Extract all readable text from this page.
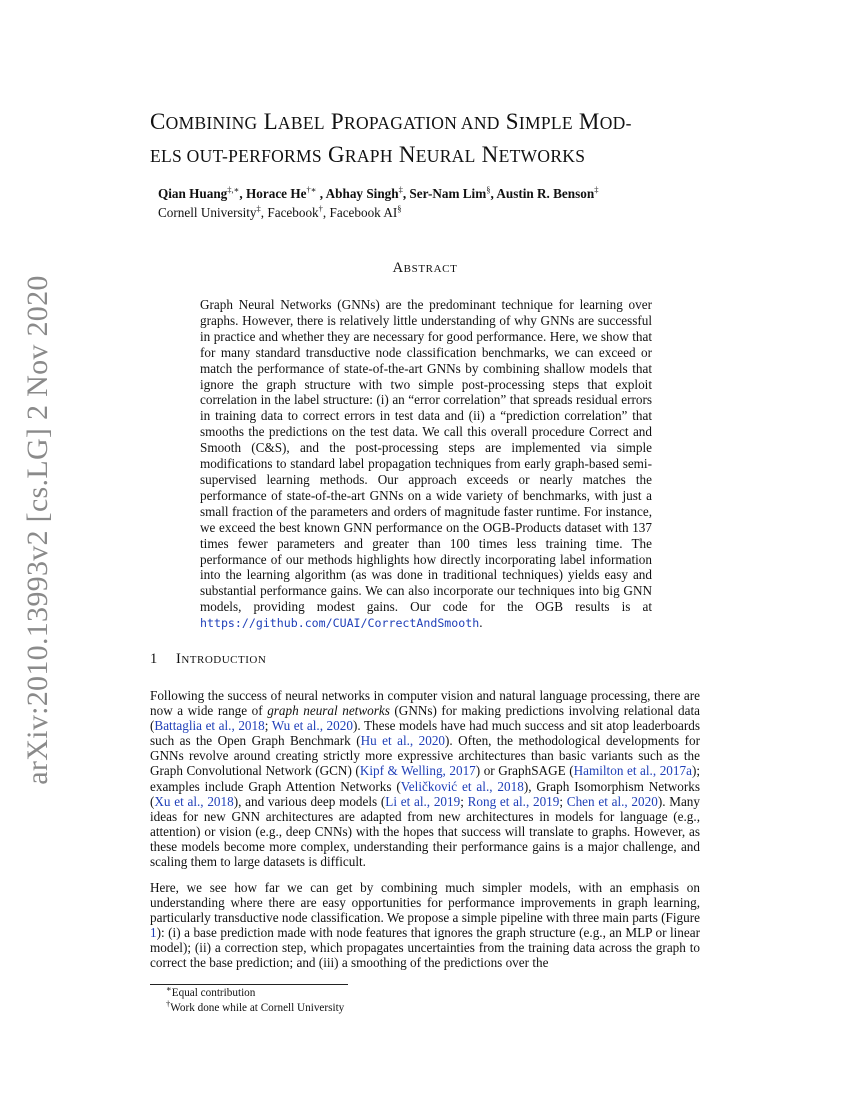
arXiv:2010.13993v2 [cs.LG] 2 Nov 2020
COMBINING LABEL PROPAGATION AND SIMPLE MOD-
ELS OUT-PERFORMS GRAPH NEURAL NETWORKS
Qian Huang‡,∗, Horace He†∗ , Abhay Singh‡, Ser-Nam Lim§, Austin R. Benson‡
Cornell University‡, Facebook†, Facebook AI§
ABSTRACT
Graph Neural Networks (GNNs) are the predominant technique for learning over graphs. However, there is relatively little understanding of why GNNs are successful in practice and whether they are necessary for good performance. Here, we show that for many standard transductive node classification benchmarks, we can exceed or match the performance of state-of-the-art GNNs by combining shallow models that ignore the graph structure with two simple post-processing steps that exploit correlation in the label structure: (i) an “error correlation” that spreads residual errors in training data to correct errors in test data and (ii) a “prediction correlation” that smooths the predictions on the test data. We call this overall procedure Correct and Smooth (C&S), and the post-processing steps are implemented via simple modifications to standard label propagation techniques from early graph-based semi-supervised learning methods. Our approach exceeds or nearly matches the performance of state-of-the-art GNNs on a wide variety of benchmarks, with just a small fraction of the parameters and orders of magnitude faster runtime. For instance, we exceed the best known GNN performance on the OGB-Products dataset with 137 times fewer parameters and greater than 100 times less training time. The performance of our methods highlights how directly incorporating label information into the learning algorithm (as was done in traditional techniques) yields easy and substantial performance gains. We can also incorporate our techniques into big GNN models, providing modest gains. Our code for the OGB results is at https://github.com/CUAI/CorrectAndSmooth.
1 INTRODUCTION
Following the success of neural networks in computer vision and natural language processing, there are now a wide range of graph neural networks (GNNs) for making predictions involving relational data (Battaglia et al., 2018; Wu et al., 2020). These models have had much success and sit atop leaderboards such as the Open Graph Benchmark (Hu et al., 2020). Often, the methodological developments for GNNs revolve around creating strictly more expressive architectures than basic variants such as the Graph Convolutional Network (GCN) (Kipf & Welling, 2017) or GraphSAGE (Hamilton et al., 2017a); examples include Graph Attention Networks (Veličković et al., 2018), Graph Isomorphism Networks (Xu et al., 2018), and various deep models (Li et al., 2019; Rong et al., 2019; Chen et al., 2020). Many ideas for new GNN architectures are adapted from new architectures in models for language (e.g., attention) or vision (e.g., deep CNNs) with the hopes that success will translate to graphs. However, as these models become more complex, understanding their performance gains is a major challenge, and scaling them to large datasets is difficult.
Here, we see how far we can get by combining much simpler models, with an emphasis on understanding where there are easy opportunities for performance improvements in graph learning, particularly transductive node classification. We propose a simple pipeline with three main parts (Figure 1): (i) a base prediction made with node features that ignores the graph structure (e.g., an MLP or linear model); (ii) a correction step, which propagates uncertainties from the training data across the graph to correct the base prediction; and (iii) a smoothing of the predictions over the
∗Equal contribution
†Work done while at Cornell University
